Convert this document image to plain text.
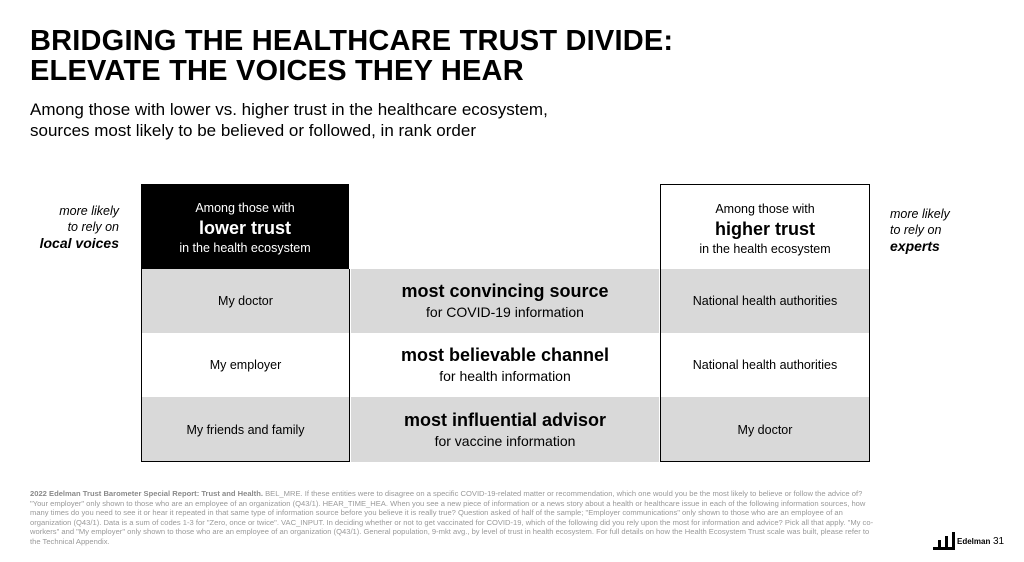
BRIDGING THE HEALTHCARE TRUST DIVIDE:
ELEVATE THE VOICES THEY HEAR
Among those with lower vs. higher trust in the healthcare ecosystem,
sources most likely to be believed or followed, in rank order
more likely
to rely on
local voices
more likely
to rely on
experts
Among those with
lower trust
in the health ecosystem
Among those with
higher trust
in the health ecosystem
My doctor
My employer
My friends and family
National health authorities
National health authorities
My doctor
most convincing source
for COVID-19 information
most believable channel
for health information
most influential advisor
for vaccine information
2022 Edelman Trust Barometer Special Report: Trust and Health. BEL_MRE. If these entities were to disagree on a specific COVID-19-related matter or recommendation, which one would you be the most likely to believe or follow the advice of? "Your employer" only shown to those who are an employee of an organization (Q43/1). HEAR_TIME_HEA. When you see a new piece of information or a news story about a health or healthcare issue in each of the following information sources, how many times do you need to see it or hear it repeated in that same type of information source before you believe it is really true? Question asked of half of the sample; "Employer communications" only shown to those who are an employee of an organization (Q43/1). Data is a sum of codes 1-3 for "Zero, once or twice". VAC_INPUT. In deciding whether or not to get vaccinated for COVID-19, which of the following did you rely upon the most for information and advice? Pick all that apply. "My co-workers" and "My employer" only shown to those who are an employee of an organization (Q43/1). General population, 9-mkt avg., by level of trust in health ecosystem. For full details on how the Health Ecosystem Trust scale was built, please refer to the Technical Appendix.	Edelman 31
